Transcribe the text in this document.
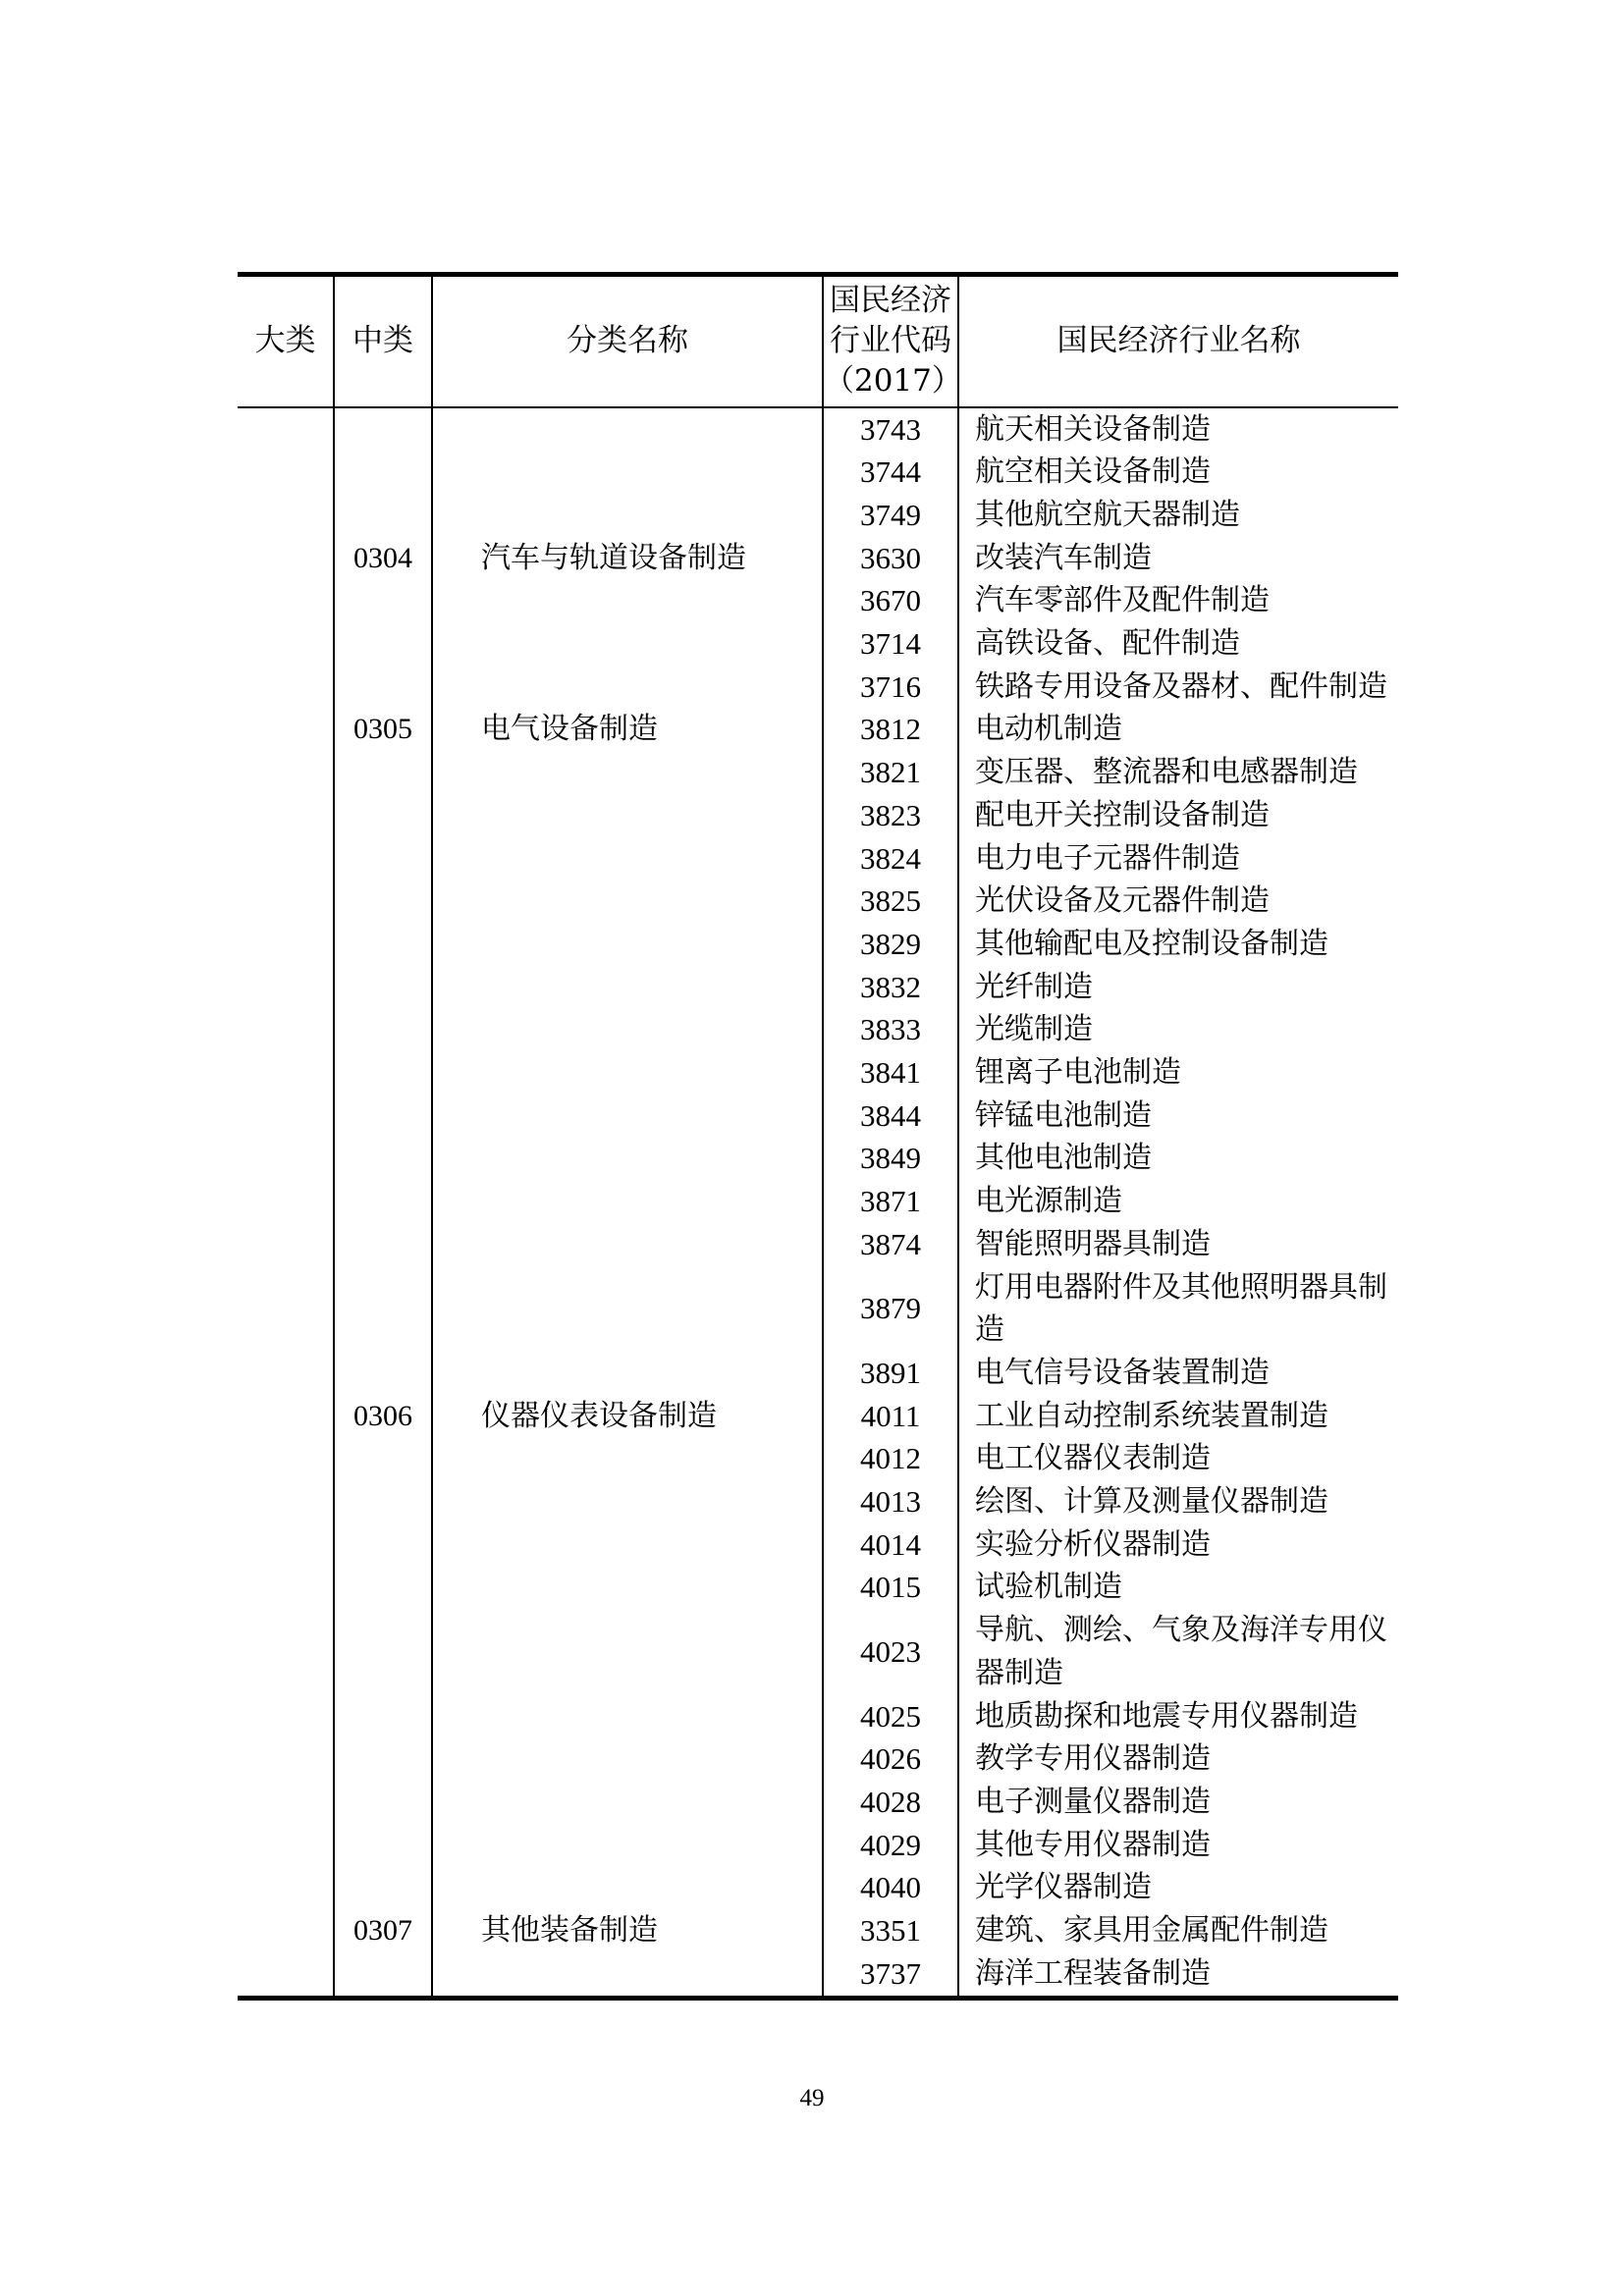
大类	中类	分类名称	国民经济
行业代码
（2017）	国民经济行业名称
			3743	航天相关设备制造
			3744	航空相关设备制造
			3749	其他航空航天器制造
	0304	汽车与轨道设备制造	3630	改装汽车制造
			3670	汽车零部件及配件制造
			3714	高铁设备、配件制造
			3716	铁路专用设备及器材、配件制造
	0305	电气设备制造	3812	电动机制造
			3821	变压器、整流器和电感器制造
			3823	配电开关控制设备制造
			3824	电力电子元器件制造
			3825	光伏设备及元器件制造
			3829	其他输配电及控制设备制造
			3832	光纤制造
			3833	光缆制造
			3841	锂离子电池制造
			3844	锌锰电池制造
			3849	其他电池制造
			3871	电光源制造
			3874	智能照明器具制造
			3879	灯用电器附件及其他照明器具制造
			3891	电气信号设备装置制造
	0306	仪器仪表设备制造	4011	工业自动控制系统装置制造
			4012	电工仪器仪表制造
			4013	绘图、计算及测量仪器制造
			4014	实验分析仪器制造
			4015	试验机制造
			4023	导航、测绘、气象及海洋专用仪器制造
			4025	地质勘探和地震专用仪器制造
			4026	教学专用仪器制造
			4028	电子测量仪器制造
			4029	其他专用仪器制造
			4040	光学仪器制造
	0307	其他装备制造	3351	建筑、家具用金属配件制造
			3737	海洋工程装备制造
49
